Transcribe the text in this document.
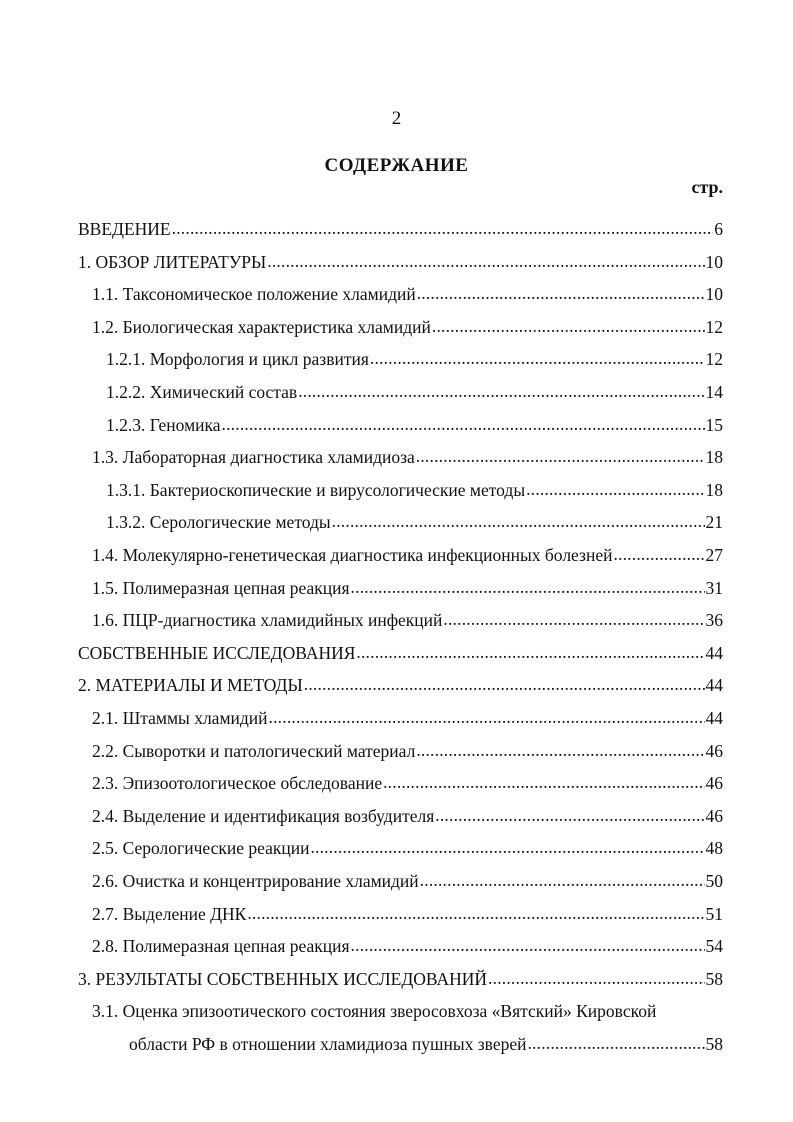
2
СОДЕРЖАНИЕ
стр.
ВВЕДЕНИЕ .....	6
1. ОБЗОР ЛИТЕРАТУРЫ .....	10
1.1. Таксономическое положение хламидий .....	10
1.2. Биологическая характеристика хламидий .....	12
1.2.1. Морфология и цикл развития .....	12
1.2.2. Химический состав .....	14
1.2.3. Геномика .....	15
1.3. Лабораторная диагностика хламидиоза .....	18
1.3.1. Бактериоскопические и вирусологические методы .....	18
1.3.2. Серологические методы .....	21
1.4. Молекулярно-генетическая диагностика инфекционных болезней .....	27
1.5. Полимеразная цепная реакция .....	31
1.6. ПЦР-диагностика хламидийных инфекций .....	36
СОБСТВЕННЫЕ ИССЛЕДОВАНИЯ .....	44
2. МАТЕРИАЛЫ И МЕТОДЫ .....	44
2.1. Штаммы хламидий .....	44
2.2. Сыворотки и патологический материал .....	46
2.3. Эпизоотологическое обследование .....	46
2.4. Выделение и идентификация возбудителя .....	46
2.5. Серологические реакции .....	48
2.6. Очистка и концентрирование хламидий .....	50
2.7. Выделение ДНК .....	51
2.8. Полимеразная цепная реакция .....	54
3. РЕЗУЛЬТАТЫ СОБСТВЕННЫХ ИССЛЕДОВАНИЙ .....	58
3.1. Оценка эпизоотического состояния зверосовхоза «Вятский» Кировской
области РФ в отношении хламидиоза пушных зверей .....	58
